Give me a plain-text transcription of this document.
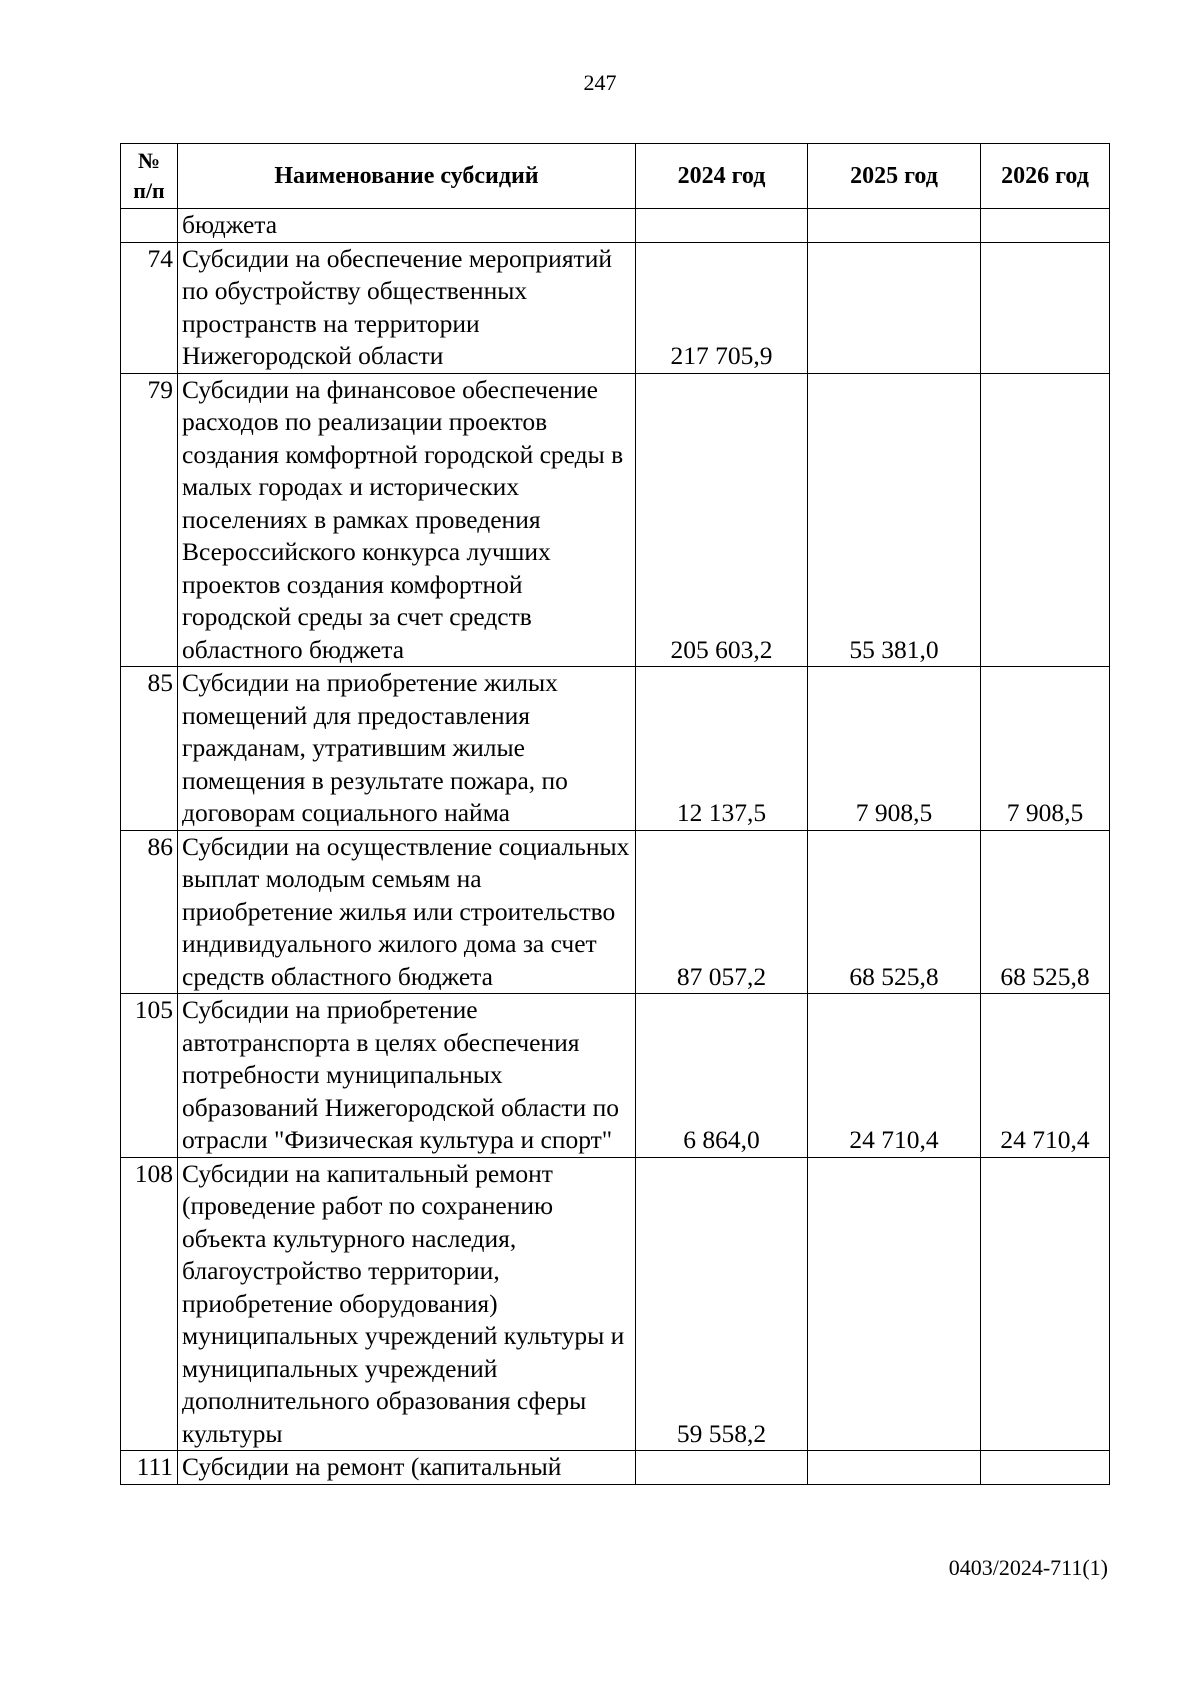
247
№
п/п	Наименование субсидий	2024 год	2025 год	2026 год
	бюджета			
74	Субсидии на обеспечение мероприятий по обустройству общественных пространств на территории Нижегородской области	217 705,9		
79	Субсидии на финансовое обеспечение расходов по реализации проектов создания комфортной городской среды в малых городах и исторических поселениях в рамках проведения Всероссийского конкурса лучших проектов создания комфортной городской среды за счет средств областного бюджета	205 603,2	55 381,0	
85	Субсидии на приобретение жилых помещений для предоставления гражданам, утратившим жилые помещения в результате пожара, по договорам социального найма	12 137,5	7 908,5	7 908,5
86	Субсидии на осуществление социальных выплат молодым семьям на приобретение жилья или строительство индивидуального жилого дома за счет средств областного бюджета	87 057,2	68 525,8	68 525,8
105	Субсидии на приобретение автотранспорта в целях обеспечения потребности муниципальных образований Нижегородской области по отрасли "Физическая культура и спорт"	6 864,0	24 710,4	24 710,4
108	Субсидии на капитальный ремонт (проведение работ по сохранению объекта культурного наследия, благоустройство территории, приобретение оборудования) муниципальных учреждений культуры и муниципальных учреждений дополнительного образования сферы культуры	59 558,2		
111	Субсидии на ремонт (капитальный			
0403/2024-711(1)
